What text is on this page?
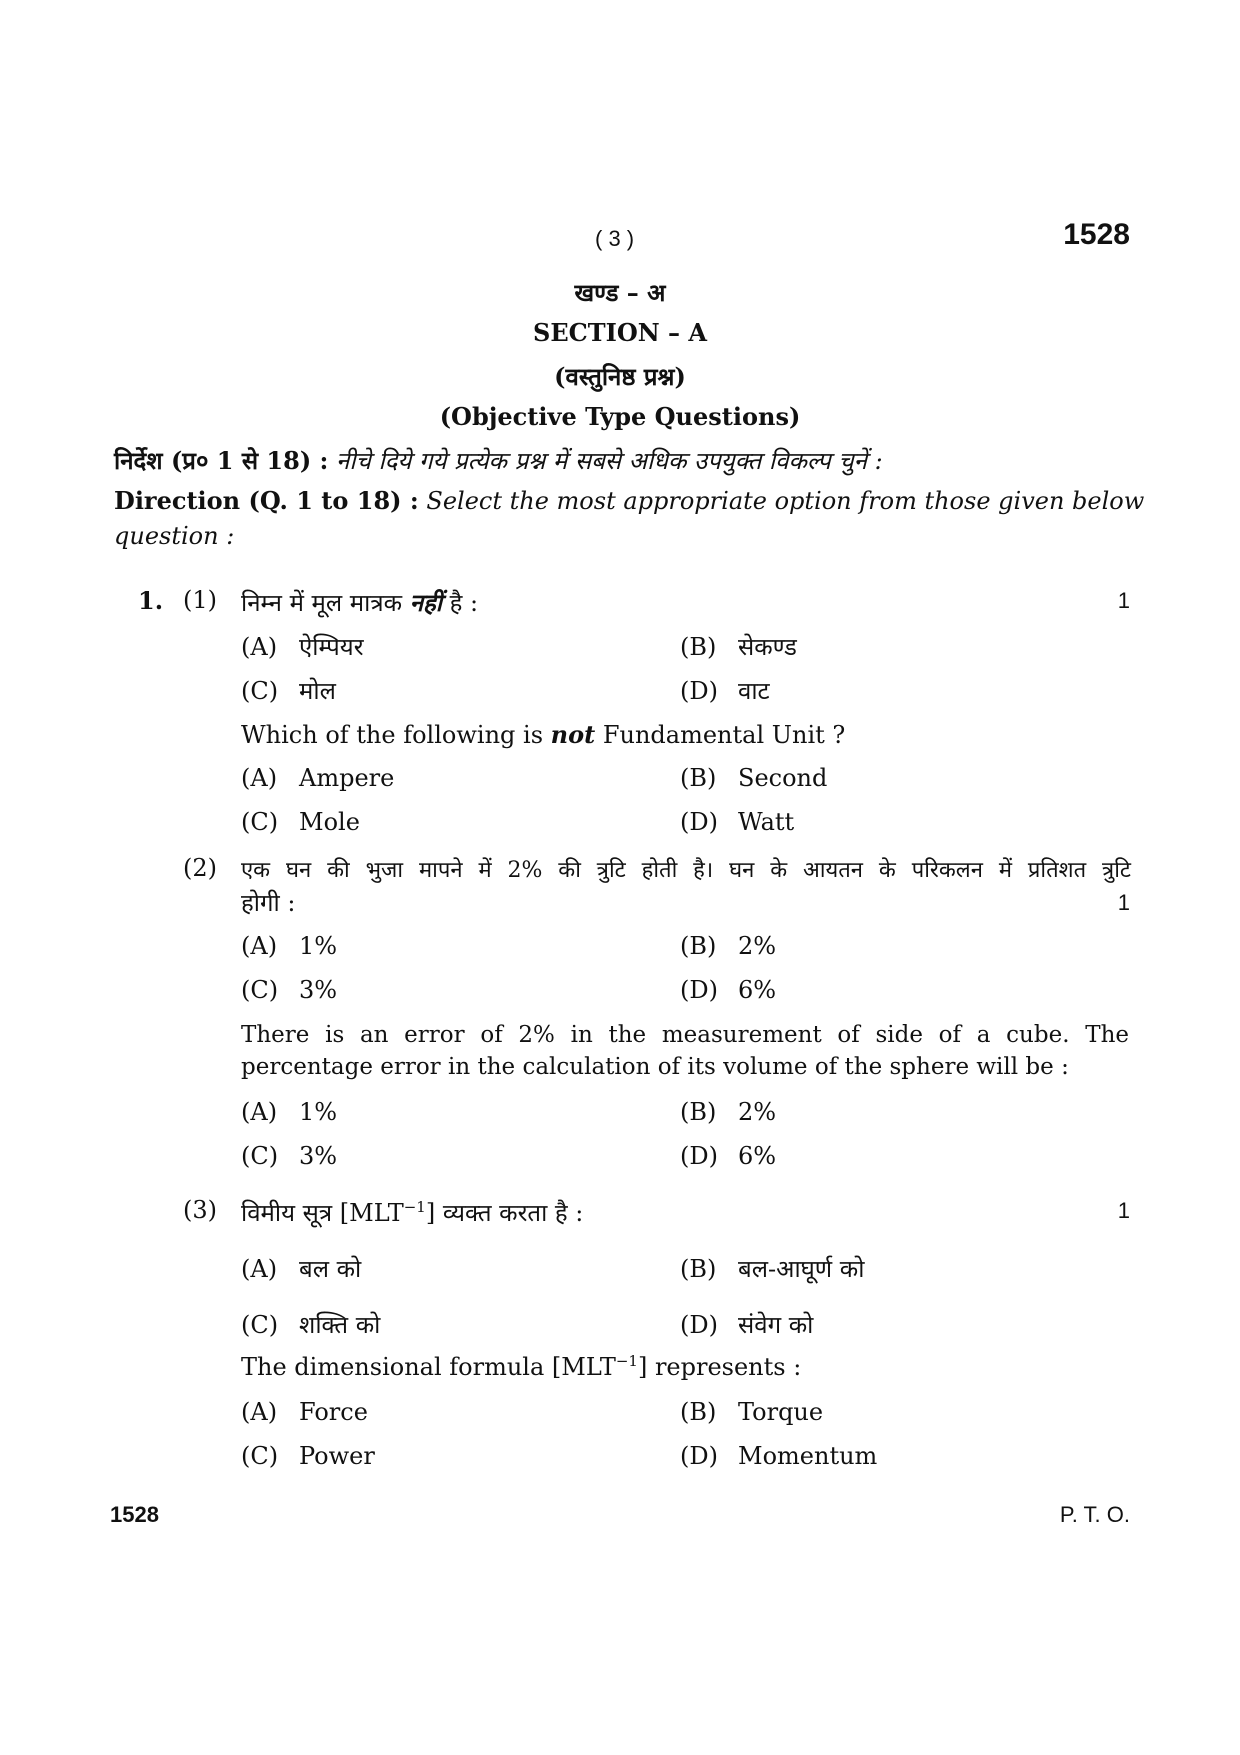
( 3 )	1528
खण्ड – अ
SECTION – A
(वस्तुनिष्ठ प्रश्न)
(Objective Type Questions)
निर्देश (प्र० 1 से 18) : नीचे दिये गये प्रत्येक प्रश्न में सबसे अधिक उपयुक्त विकल्प चुनें :
Direction (Q. 1 to 18) : Select the most appropriate option from those given below
question :
1. (1) निम्न में मूल मात्रक नहीं है :	1
(A) ऐम्पियर	(B) सेकण्ड
(C) मोल	(D) वाट
Which of the following is not Fundamental Unit ?
(A) Ampere	(B) Second
(C) Mole	(D) Watt
(2) एक घन की भुजा मापने में 2% की त्रुटि होती है। घन के आयतन के परिकलन में प्रतिशत त्रुटि
होगी :	1
(A) 1%	(B) 2%
(C) 3%	(D) 6%
There is an error of 2% in the measurement of side of a cube. The
percentage error in the calculation of its volume of the sphere will be :
(A) 1%	(B) 2%
(C) 3%	(D) 6%
(3) विमीय सूत्र $[MLT^{-1}]$ व्यक्त करता है :	1
(A) बल को	(B) बल-आघूर्ण को
(C) शक्ति को	(D) संवेग को
The dimensional formula $[MLT^{-1}]$ represents :
(A) Force	(B) Torque
(C) Power	(D) Momentum
1528	P. T. O.
